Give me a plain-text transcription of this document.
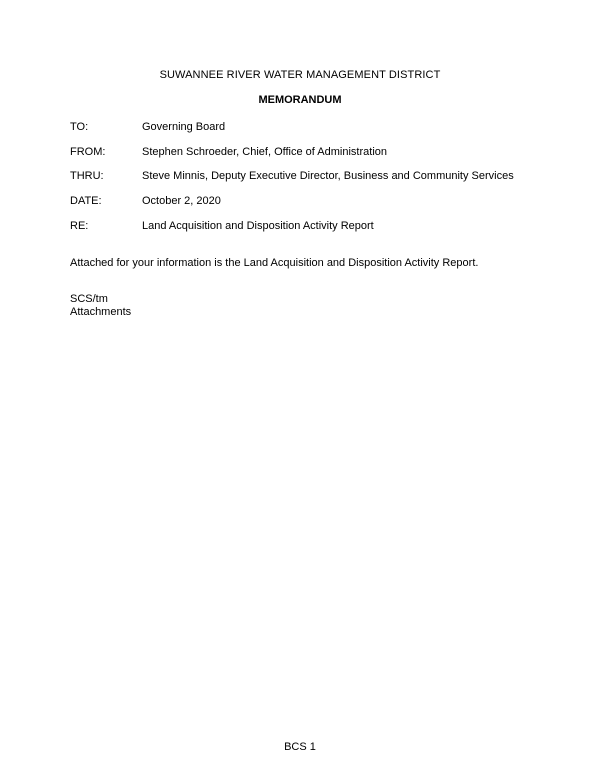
SUWANNEE RIVER WATER MANAGEMENT DISTRICT
MEMORANDUM
TO:	Governing Board
FROM:	Stephen Schroeder, Chief, Office of Administration
THRU:	Steve Minnis, Deputy Executive Director, Business and Community Services
DATE:	October 2, 2020
RE:	Land Acquisition and Disposition Activity Report
Attached for your information is the Land Acquisition and Disposition Activity Report.
SCS/tm
Attachments
BCS 1
